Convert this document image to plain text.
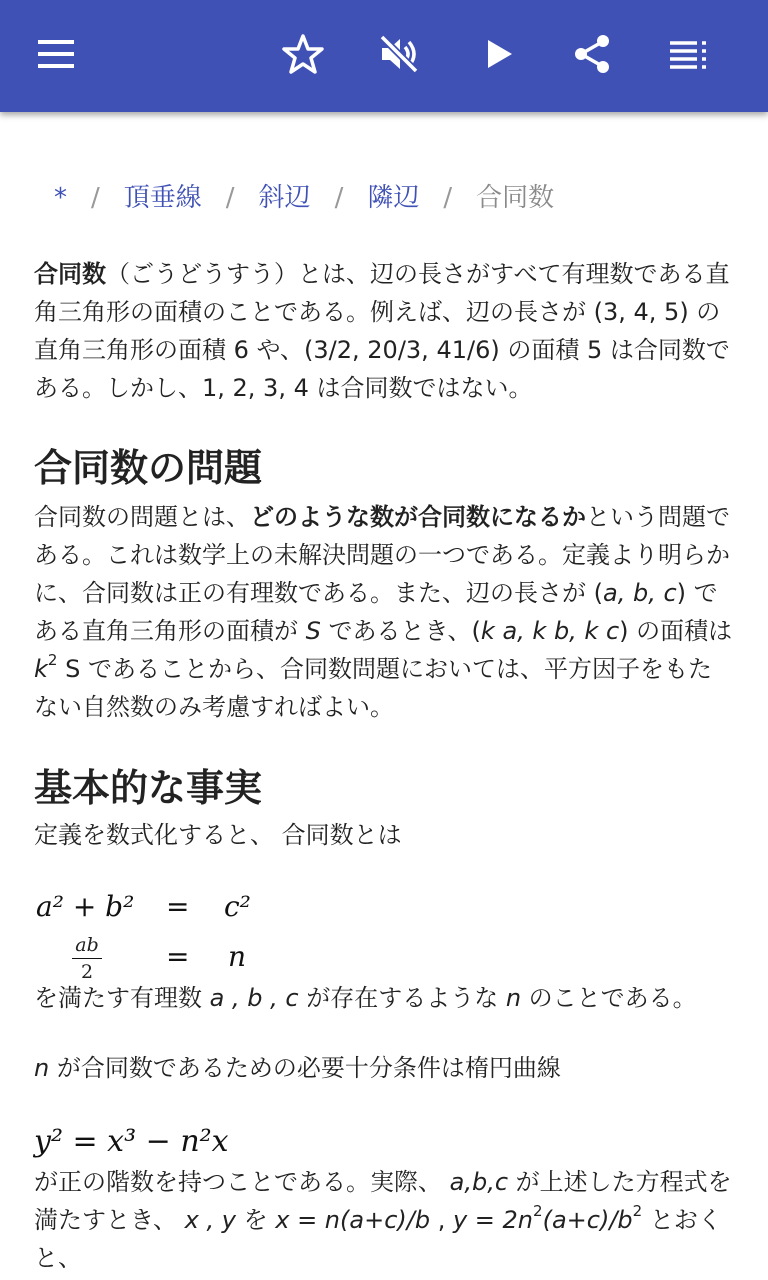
* / 頂垂線 / 斜辺 / 隣辺 / 合同数
合同数（ごうどうすう）とは、辺の長さがすべて有理数である直角三角形の面積のことである。例えば、辺の長さが (3, 4, 5) の直角三角形の面積 6 や、(3/2, 20/3, 41/6) の面積 5 は合同数である。しかし、1, 2, 3, 4 は合同数ではない。
合同数の問題
合同数の問題とは、どのような数が合同数になるかという問題である。これは数学上の未解決問題の一つである。定義より明らかに、合同数は正の有理数である。また、辺の長さが (a, b, c) である直角三角形の面積が S であるとき、(k a, k b, k c) の面積は $k^2$ S であることから、合同数問題においては、平方因子をもたない自然数のみ考慮すればよい。
基本的な事実
定義を数式化すると、 合同数とは
a² + b² = c²
ab
2	= n
を満たす有理数 a , b , c が存在するような n のことである。
n が合同数であるための必要十分条件は楕円曲線
y² = x³ − n²x
が正の階数を持つことである。実際、 a,b,c が上述した方程式を満たすとき、 x , y を x = n(a+c)/b , $y = 2n^2(a+c)/b^2$ とおくと、
